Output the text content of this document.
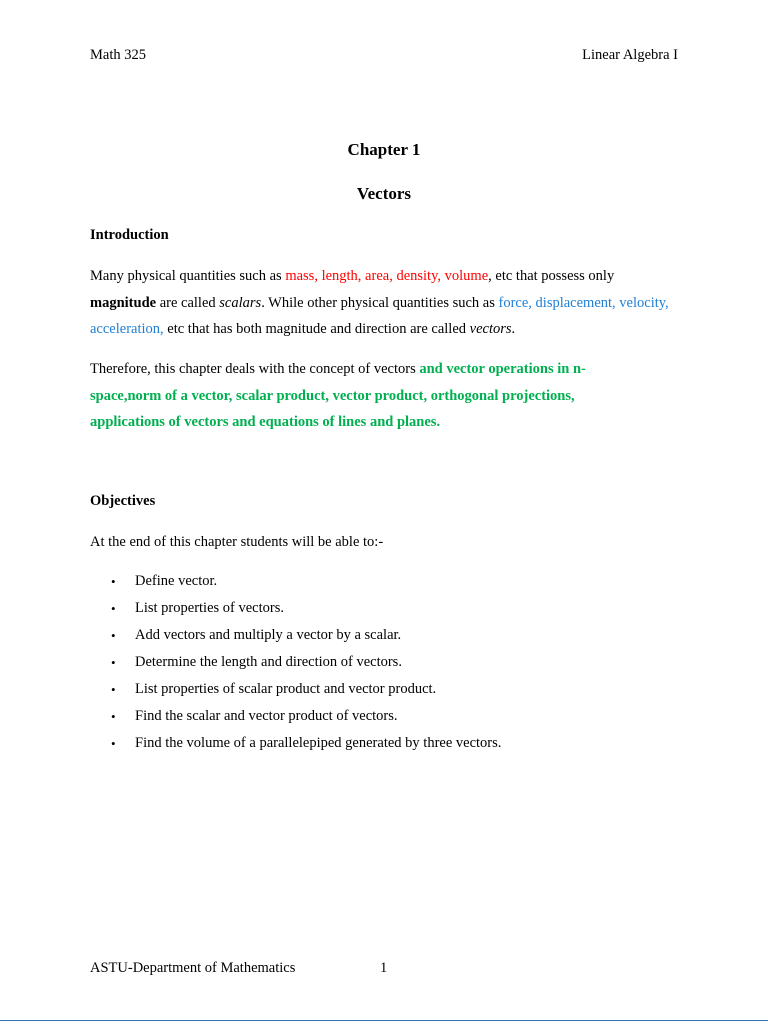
Math 325	Linear Algebra I
Chapter 1
Vectors
Introduction
Many physical quantities such as mass, length, area, density, volume, etc that possess only
magnitude are called scalars. While other physical quantities such as force, displacement, velocity, acceleration, etc that has both magnitude and direction are called vectors.
Therefore, this chapter deals with the concept of vectors and vector operations in n-space,norm of a vector, scalar product, vector product, orthogonal projections, applications of vectors and equations of lines and planes.
Objectives
At the end of this chapter students will be able to:-
• Define vector.
• List properties of vectors.
• Add vectors and multiply a vector by a scalar.
• Determine the length and direction of vectors.
• List properties of scalar product and vector product.
• Find the scalar and vector product of vectors.
• Find the volume of a parallelepiped generated by three vectors.
ASTU-Department of Mathematics	1
